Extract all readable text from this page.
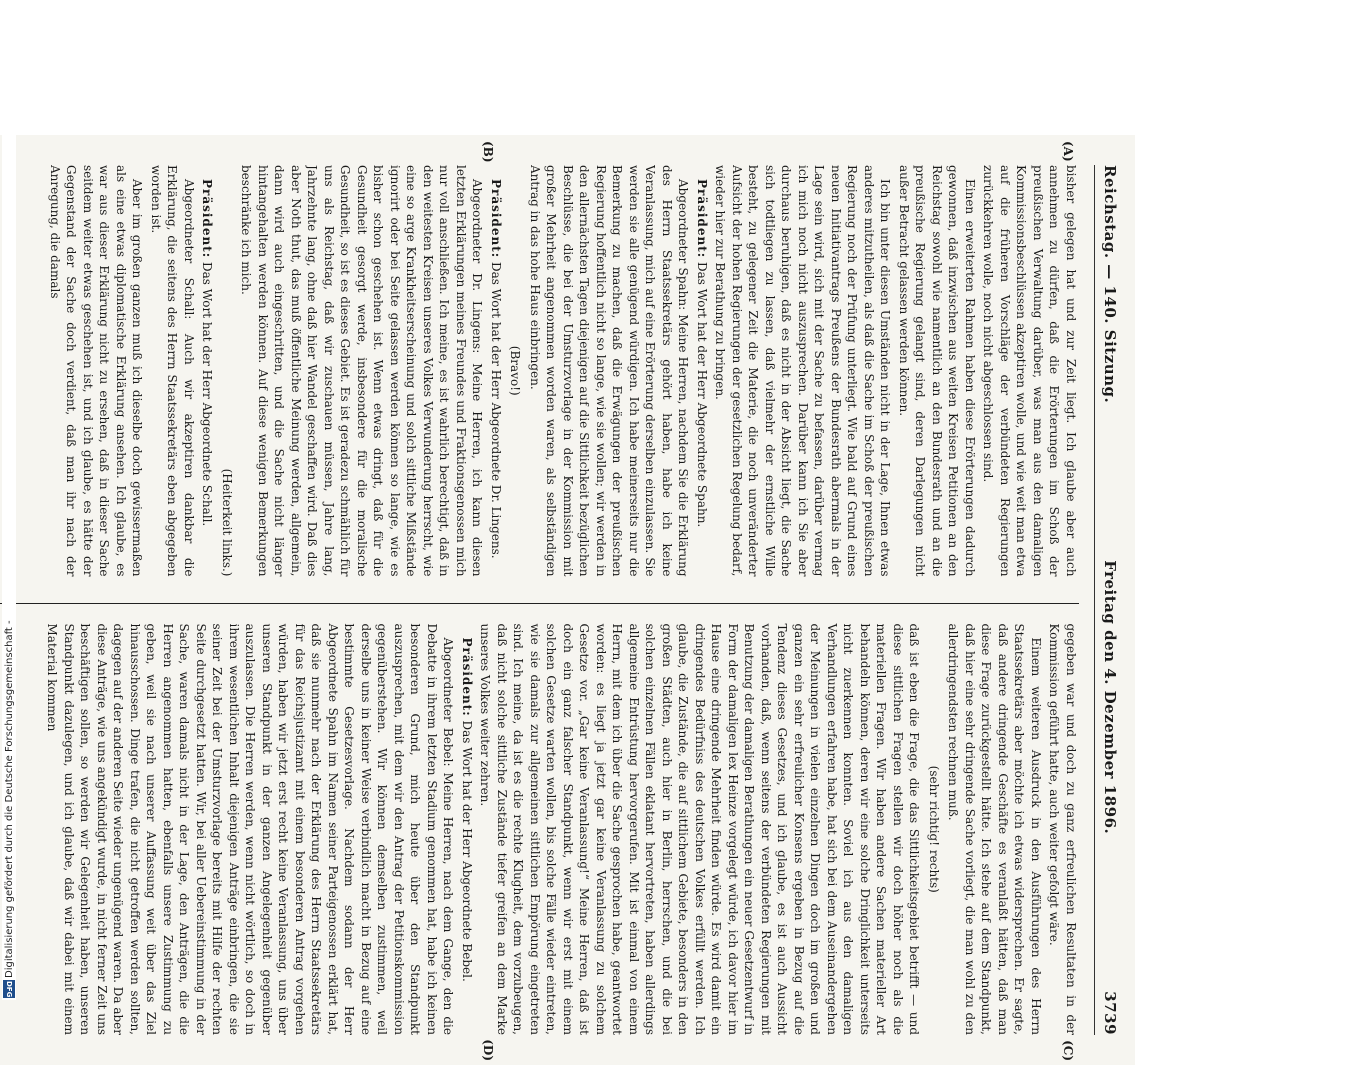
Reichstag. — 140. Sitzung.
Freitag den 4. Dezember 1896.
3739
(A)
(B)
(C)
(D)

bisher gelegen hat und zur Zeit liegt. Ich glaube aber auch annehmen zu dürfen, daß die Erörterungen im Schoß der preußischen Verwaltung darüber, was man aus den damaligen Kommissionsbeschlüssen akzeptiren wolle, und wie weit man etwa auf die früheren Vorschläge der verbündeten Regierungen zurückkehren wolle, noch nicht abgeschlossen sind.

Einen erweiterten Rahmen haben diese Erörterungen dadurch gewonnen, daß inzwischen aus weiten Kreisen Petitionen an den Reichstag sowohl wie namentlich an den Bundesrath und an die preußische Regierung gelangt sind, deren Darlegungen nicht außer Betracht gelassen werden können.

Ich bin unter diesen Umständen nicht in der Lage, Ihnen etwas anderes mitzutheilen, als daß die Sache im Schoß der preußischen Regierung noch der Prüfung unterliegt. Wie bald auf Grund eines neuen Initiativantrags Preußens der Bundesrath abermals in der Lage sein wird, sich mit der Sache zu befassen, darüber vermag ich mich noch nicht auszusprechen. Darüber kann ich Sie aber durchaus beruhigen, daß es nicht in der Absicht liegt, die Sache sich todtliegen zu lassen, daß vielmehr der ernstliche Wille besteht, zu gelegener Zeit die Materie, die noch unveränderter Aufsicht der hohen Regierungen der gesetzlichen Regelung bedarf, wieder hier zur Berathung zu bringen.

Präsident: Das Wort hat der Herr Abgeordnete Spahn.

Abgeordneter Spahn: Meine Herren, nachdem Sie die Erklärung des Herrn Staatssekretärs gehört haben, habe ich keine Veranlassung, mich auf eine Erörterung derselben einzulassen. Sie werden sie alle genügend würdigen. Ich habe meinerseits nur die Bemerkung zu machen, daß die Erwägungen der preußischen Regierung hoffentlich nicht so lange, wie sie wollen; wir werden in den allernächsten Tagen diejenigen auf die Sittlichkeit bezüglichen Beschlüsse, die bei der Umsturzvorlage in der Kommission mit großer Mehrheit angenommen worden waren, als selbständigen Antrag in das hohe Haus einbringen.

(Bravo!)

Präsident: Das Wort hat der Herr Abgeordnete Dr. Lingens.

Abgeordneter Dr. Lingens: Meine Herren, ich kann diesen letzten Erklärungen meines Freundes und Fraktionsgenossen mich nur voll anschließen. Ich meine, es ist wahrlich berechtigt, daß in den weitesten Kreisen unseres Volkes Verwunderung herrscht, wie eine so arge Krankheitserscheinung und solch sittliche Mißstände ignorirt oder bei Seite gelassen werden können so lange, wie es bisher schon geschehen ist. Wenn etwas dringt, daß für die Gesundheit gesorgt werde, insbesondere für die moralische Gesundheit, so ist es dieses Gebiet. Es ist geradezu schmählich für uns als Reichstag, daß wir zuschauen müssen, Jahre lang, Jahrzehnte lang, ohne daß hier Wandel geschaffen wird. Daß dies aber Noth thut, das muß öffentliche Meinung werden, allgemein, dann wird auch eingeschritten, und die Sache nicht länger hintangehalten werden können. Auf diese wenigen Bemerkungen beschränke ich mich.

(Heiterkeit links.)

Präsident: Das Wort hat der Herr Abgeordnete Schall.

Abgeordneter Schall: Auch wir akzeptiren dankbar die Erklärung, die seitens des Herrn Staatssekretärs eben abgegeben worden ist.

Aber im großen ganzen muß ich dieselbe doch gewissermaßen als eine etwas diplomatische Erklärung ansehen. Ich glaube, es war aus dieser Erklärung nicht zu ersehen, daß in dieser Sache seitdem weiter etwas geschehen ist, und ich glaube, es hätte der Gegenstand der Sache doch verdient, daß man ihr nach der Anregung, die damals

gegeben war und doch zu ganz erfreulichen Resultaten in der Kommission geführt hatte, auch weiter gefolgt wäre.

Einem weiteren Ausdruck in den Ausführungen des Herrn Staatssekretärs aber möchte ich etwas widersprechen. Er sagte, daß andere dringende Geschäfte es veranlaßt hätten, daß man diese Frage zurückgestellt hätte. Ich stehe auf dem Standpunkt, daß hier eine sehr dringende Sache vorliegt, die man wohl zu den allerdringendsten rechnen muß.

(sehr richtig! rechts)

daß ist eben die Frage, die das Sittlichkeitsgebiet betrifft — und diese sittlichen Fragen stellen wir doch höher noch als die materiellen Fragen. Wir haben andere Sachen materieller Art behandeln können, deren wir eine solche Dringlichkeit unterseits nicht zuerkennen konnten. Soviel ich aus den damaligen Verhandlungen erfahren habe, hat sich bei dem Auseinandergehen der Meinungen in vielen einzelnen Dingen doch im großen und ganzen ein sehr erfreulicher Konsens ergeben in Bezug auf die Tendenz dieses Gesetzes, und ich glaube, es ist auch Aussicht vorhanden, daß, wenn seitens der verbündeten Regierungen mit Benutzung der damaligen Berathungen ein neuer Gesetzentwurf in Form der damaligen lex Heinze vorgelegt würde, ich davor hier im Hause eine dringende Mehrheit finden würde. Es wird damit ein dringendes Bedürfniss des deutschen Volkes erfüllt werden. Ich glaube, die Zustände, die auf sittlichem Gebiete, besonders in den großen Städten, auch hier in Berlin, herrschen, und die bei solchen einzelnen Fällen eklatant hervortreten, haben allerdings allgemeine Entrüstung hervorgerufen. Mit ist einmal von einem Herrn, mit dem ich über die Sache gesprochen habe, geantwortet worden: es liegt ja jetzt gar keine Veranlassung zu solchem Gesetze vor. „Gar keine Veranlassung!“ Meine Herren, daß ist doch ein ganz falscher Standpunkt, wenn wir erst mit einem solchen Gesetze warten wollen, bis solche Fälle wieder eintreten, wie sie damals zur allgemeinen sittlichen Empörung eingetreten sind. Ich meine, da ist es die rechte Klugheit, dem vorzubeugen, daß nicht solche sittliche Zustände tiefer greifen an dem Marke unseres Volkes weiter zehren.

Präsident: Das Wort hat der Herr Abgeordnete Bebel.

Abgeordneter Bebel: Meine Herren, nach dem Gange, den die Debatte in ihrem letzten Stadium genommen hat, habe ich keinen besonderen Grund, mich heute über den Standpunkt auszusprechen, mit dem wir den Antrag der Petitionskommission gegenüberstehen. Wir können demselben zustimmen, weil derselbe uns in keiner Weise verbindlich macht in Bezug auf eine bestimmte Gesetzesvorlage. Nachdem sodann der Herr Abgeordnete Spahn im Namen seiner Parteigenossen erklärt hat, daß sie nunmehr nach der Erklärung des Herrn Staatssekretärs für das Reichsjustizamt mit einem besonderen Antrag vorgehen würden, haben wir jetzt erst recht keine Veranlassung, uns über unseren Standpunkt in der ganzen Angelegenheit gegenüber auszulassen. Die Herren werden, wenn nicht wörtlich, so doch in ihrem wesentlichen Inhalt diejenigen Anträge einbringen, die sie seiner Zeit bei der Umsturzvorlage bereits mit Hilfe der rechten Seite durchgesetzt hatten. Wir, bei aller Uebereinstimmung in der Sache, waren damals nicht in der Lage, den Anträgen, die die Herren angenommen hatten, ebenfalls unsere Zustimmung zu geben, weil sie nach unserer Auffassung weit über das Ziel hinausschossen. Dinge trafen, die nicht getroffen werden sollten, dagegen auf der anderen Seite wieder ungenügend waren. Da aber diese Anträge, wie uns angekündigt wurde, in nicht ferner Zeit uns beschäftigen sollen, so werden wir Gelegenheit haben, unseren Standpunkt dazulegen, und ich glaube, daß wir dabei mit einem Material kommen

Digitalisierung gefördert durch die Deutsche Forschungsgemeinschaft -
DFG
